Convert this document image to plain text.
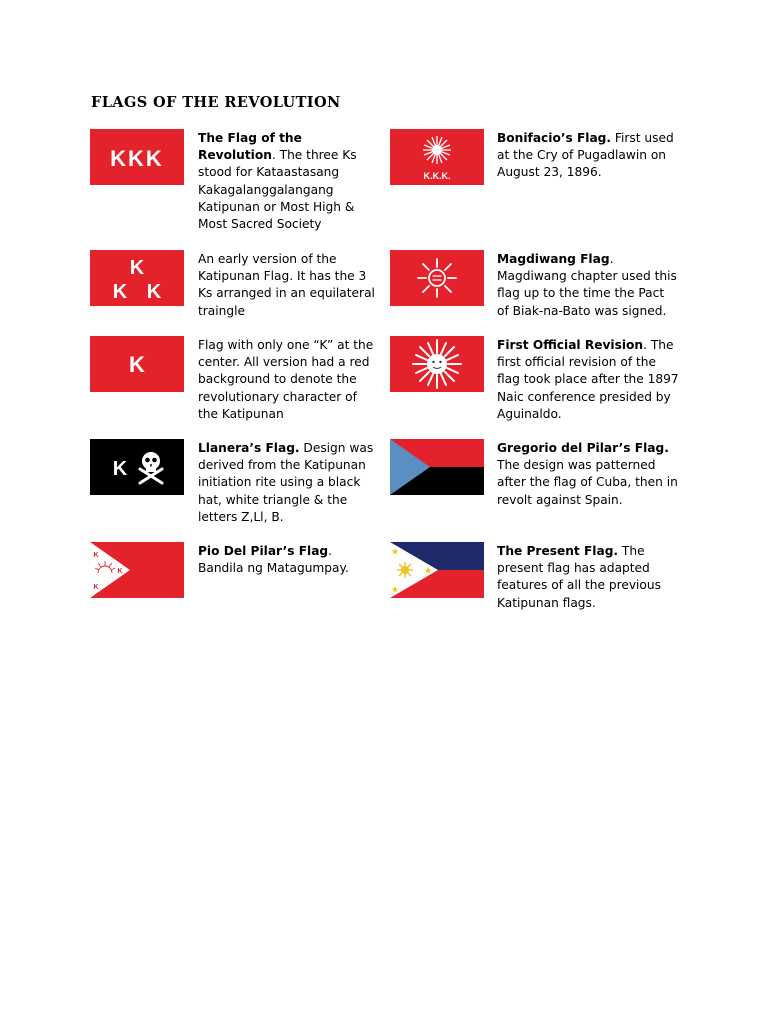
FLAGS OF THE REVOLUTION
KKK
The Flag of the Revolution. The three Ks stood for Kataastasang Kakagalanggalangang Katipunan or Most High & Most Sacred Society
K.K.K.
Bonifacio’s Flag. First used at the Cry of Pugadlawin on August 23, 1896.
K
K K
An early version of the Katipunan Flag. It has the 3 Ks arranged in an equilateral traingle
Magdiwang Flag. Magdiwang chapter used this flag up to the time the Pact of Biak-na-Bato was signed.
K
Flag with only one “K” at the center. All version had a red background to denote the revolutionary character of the Katipunan
First Official Revision. The first official revision of the flag took place after the 1897 Naic conference presided by Aguinaldo.
K
Llanera’s Flag. Design was derived from the Katipunan initiation rite using a black hat, white triangle & the letters Z,Ll, B.
Gregorio del Pilar’s Flag. The design was patterned after the flag of Cuba, then in revolt against Spain.
K
K
K
Pio Del Pilar’s Flag. Bandila ng Matagumpay.
The Present Flag. The present flag has adapted features of all the previous Katipunan flags.
